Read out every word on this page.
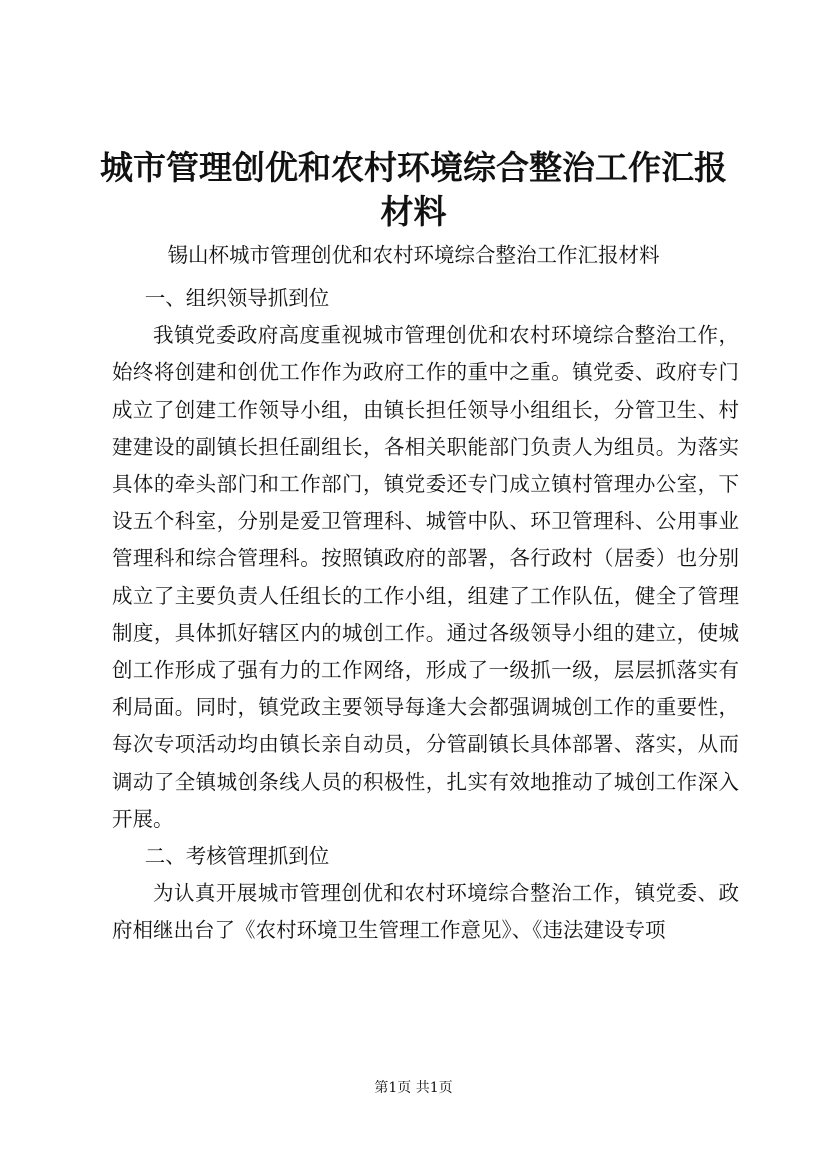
城市管理创优和农村环境综合整治工作汇报材料
锡山杯城市管理创优和农村环境综合整治工作汇报材料

一、组织领导抓到位

我镇党委政府高度重视城市管理创优和农村环境综合整治工作，始终将创建和创优工作作为政府工作的重中之重。镇党委、政府专门成立了创建工作领导小组，由镇长担任领导小组组长，分管卫生、村建建设的副镇长担任副组长，各相关职能部门负责人为组员。为落实具体的牵头部门和工作部门，镇党委还专门成立镇村管理办公室，下设五个科室，分别是爱卫管理科、城管中队、环卫管理科、公用事业管理科和综合管理科。按照镇政府的部署，各行政村（居委）也分别成立了主要负责人任组长的工作小组，组建了工作队伍，健全了管理制度，具体抓好辖区内的城创工作。通过各级领导小组的建立，使城创工作形成了强有力的工作网络，形成了一级抓一级，层层抓落实有利局面。同时，镇党政主要领导每逢大会都强调城创工作的重要性，每次专项活动均由镇长亲自动员，分管副镇长具体部署、落实，从而调动了全镇城创条线人员的积极性，扎实有效地推动了城创工作深入开展。

二、考核管理抓到位

为认真开展城市管理创优和农村环境综合整治工作，镇党委、政府相继出台了《农村环境卫生管理工作意见》、《违法建设专项

第1页 共1页
